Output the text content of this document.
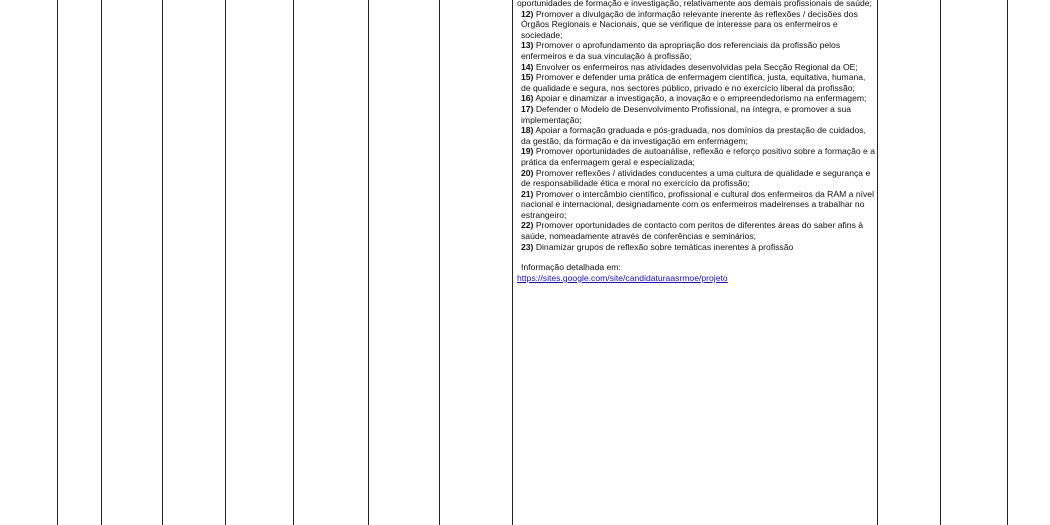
oportunidades de formação e investigação, relativamente aos demais profissionais de saúde;

12) Promover a divulgação de informação relevante inerente às reflexões / decisões dos Órgãos Regionais e Nacionais, que se verifique de interesse para os enfermeiros e sociedade;

13) Promover o aprofundamento da apropriação dos referenciais da profissão pelos enfermeiros e da sua vinculação à profissão;

14) Envolver os enfermeiros nas atividades desenvolvidas pela Secção Regional da OE;

15) Promover e defender uma prática de enfermagem científica, justa, equitativa, humana, de qualidade e segura, nos sectores público, privado e no exercício liberal da profissão;

16) Apoiar e dinamizar a investigação, a inovação e o empreendedorismo na enfermagem;

17) Defender o Modelo de Desenvolvimento Profissional, na íntegra, e promover a sua implementação;

18) Apoiar a formação graduada e pós-graduada, nos domínios da prestação de cuidados, da gestão, da formação e da investigação em enfermagem;

19) Promover oportunidades de autoanálise, reflexão e reforço positivo sobre a formação e a prática da enfermagem geral e especializada;

20) Promover reflexões / atividades conducentes a uma cultura de qualidade e segurança e de responsabilidade ética e moral no exercício da profissão;

21) Promover o intercâmbio científico, profissional e cultural dos enfermeiros da RAM a nível nacional e internacional, designadamente com os enfermeiros madeirenses a trabalhar no estrangeiro;

22) Promover oportunidades de contacto com peritos de diferentes áreas do saber afins à saúde, nomeadamente através de conferências e seminários;

23) Dinamizar grupos de reflexão sobre temáticas inerentes à profissão

Informação detalhada em:

https://sites.google.com/site/candidaturaasrmoe/projeto
